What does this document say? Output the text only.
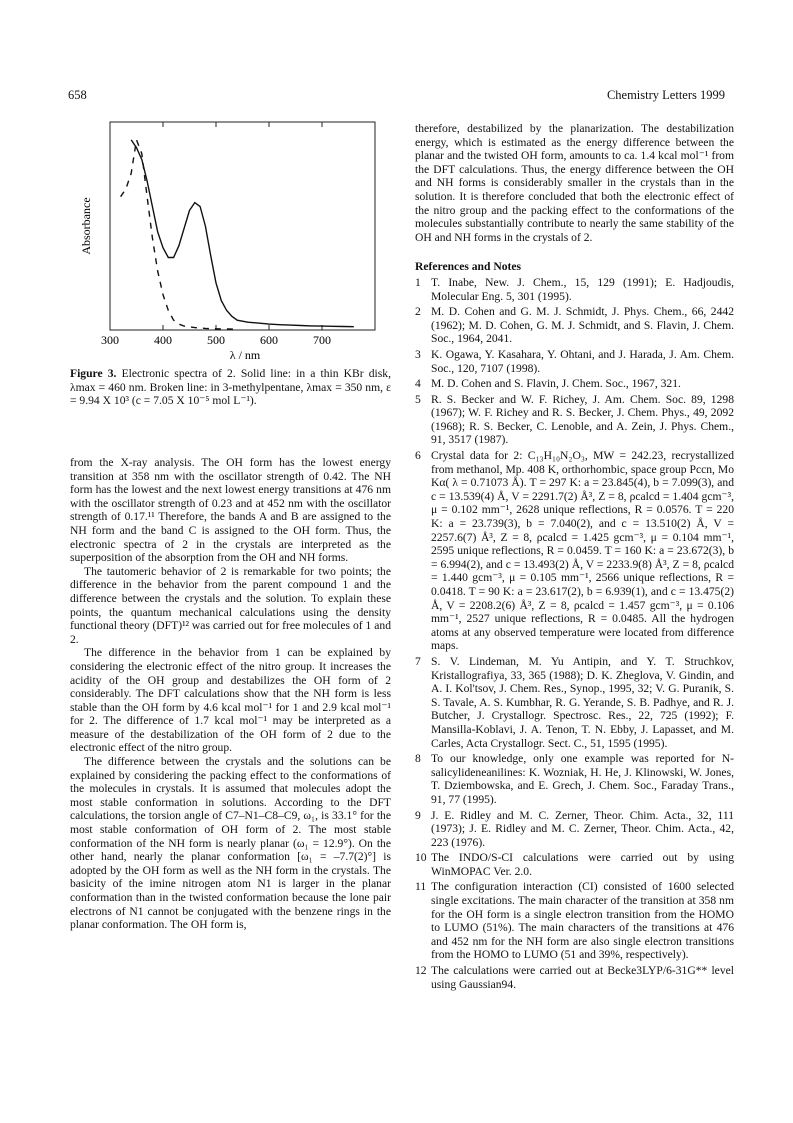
658	Chemistry Letters 1999
300	400	500	600	700
Absorbance
λ / nm
Figure 3. Electronic spectra of 2. Solid line: in a thin KBr disk, λmax = 460 nm. Broken line: in 3-methylpentane, λmax = 350 nm, ε = 9.94 X 10³ (c = 7.05 X 10⁻⁵ mol L⁻¹).

from the X-ray analysis. The OH form has the lowest energy transition at 358 nm with the oscillator strength of 0.42. The NH form has the lowest and the next lowest energy transitions at 476 nm with the oscillator strength of 0.23 and at 452 nm with the oscillator strength of 0.17.¹¹ Therefore, the bands A and B are assigned to the NH form and the band C is assigned to the OH form. Thus, the electronic spectra of 2 in the crystals are interpreted as the superposition of the absorption from the OH and NH forms.

The tautomeric behavior of 2 is remarkable for two points; the difference in the behavior from the parent compound 1 and the difference between the crystals and the solution. To explain these points, the quantum mechanical calculations using the density functional theory (DFT)¹² was carried out for free molecules of 1 and 2.

The difference in the behavior from 1 can be explained by considering the electronic effect of the nitro group. It increases the acidity of the OH group and destabilizes the OH form of 2 considerably. The DFT calculations show that the NH form is less stable than the OH form by 4.6 kcal mol⁻¹ for 1 and 2.9 kcal mol⁻¹ for 2. The difference of 1.7 kcal mol⁻¹ may be interpreted as a measure of the destabilization of the OH form of 2 due to the electronic effect of the nitro group.

The difference between the crystals and the solutions can be explained by considering the packing effect to the conformations of the molecules in crystals. It is assumed that molecules adopt the most stable conformation in solutions. According to the DFT calculations, the torsion angle of C7–N1–C8–C9, ω₁, is 33.1° for the most stable conformation of OH form of 2. The most stable conformation of the NH form is nearly planar (ω₁ = 12.9°). On the other hand, nearly the planar conformation [ω₁ = –7.7(2)°] is adopted by the OH form as well as the NH form in the crystals. The basicity of the imine nitrogen atom N1 is larger in the planar conformation than in the twisted conformation because the lone pair electrons of N1 cannot be conjugated with the benzene rings in the planar conformation. The OH form is,

therefore, destabilized by the planarization. The destabilization energy, which is estimated as the energy difference between the planar and the twisted OH form, amounts to ca. 1.4 kcal mol⁻¹ from the DFT calculations. Thus, the energy difference between the OH and NH forms is considerably smaller in the crystals than in the solution. It is therefore concluded that both the electronic effect of the nitro group and the packing effect to the conformations of the molecules substantially contribute to nearly the same stability of the OH and NH forms in the crystals of 2.

References and Notes
1 T. Inabe, New. J. Chem., 15, 129 (1991); E. Hadjoudis, Molecular Eng. 5, 301 (1995).
2 M. D. Cohen and G. M. J. Schmidt, J. Phys. Chem., 66, 2442 (1962); M. D. Cohen, G. M. J. Schmidt, and S. Flavin, J. Chem. Soc., 1964, 2041.
3 K. Ogawa, Y. Kasahara, Y. Ohtani, and J. Harada, J. Am. Chem. Soc., 120, 7107 (1998).
4 M. D. Cohen and S. Flavin, J. Chem. Soc., 1967, 321.
5 R. S. Becker and W. F. Richey, J. Am. Chem. Soc. 89, 1298 (1967); W. F. Richey and R. S. Becker, J. Chem. Phys., 49, 2092 (1968); R. S. Becker, C. Lenoble, and A. Zein, J. Phys. Chem., 91, 3517 (1987).
6 Crystal data for 2: C₁₃H₁₀N₂O₃, MW = 242.23, recrystallized from methanol, Mp. 408 K, orthorhombic, space group Pccn, Mo Kα( λ = 0.71073 Å). T = 297 K: a = 23.845(4), b = 7.099(3), and c = 13.539(4) Å, V = 2291.7(2) Å³, Z = 8, ρcalcd = 1.404 gcm⁻³, μ = 0.102 mm⁻¹, 2628 unique reflections, R = 0.0576. T = 220 K: a = 23.739(3), b = 7.040(2), and c = 13.510(2) Å, V = 2257.6(7) Å³, Z = 8, ρcalcd = 1.425 gcm⁻³, μ = 0.104 mm⁻¹, 2595 unique reflections, R = 0.0459. T = 160 K: a = 23.672(3), b = 6.994(2), and c = 13.493(2) Å, V = 2233.9(8) Å³, Z = 8, ρcalcd = 1.440 gcm⁻³, μ = 0.105 mm⁻¹, 2566 unique reflections, R = 0.0418. T = 90 K: a = 23.617(2), b = 6.939(1), and c = 13.475(2) Å, V = 2208.2(6) Å³, Z = 8, ρcalcd = 1.457 gcm⁻³, μ = 0.106 mm⁻¹, 2527 unique reflections, R = 0.0485. All the hydrogen atoms at any observed temperature were located from difference maps.
7 S. V. Lindeman, M. Yu Antipin, and Y. T. Struchkov, Kristallografiya, 33, 365 (1988); D. K. Zheglova, V. Gindin, and A. I. Kol'tsov, J. Chem. Res., Synop., 1995, 32; V. G. Puranik, S. S. Tavale, A. S. Kumbhar, R. G. Yerande, S. B. Padhye, and R. J. Butcher, J. Crystallogr. Spectrosc. Res., 22, 725 (1992); F. Mansilla-Koblavi, J. A. Tenon, T. N. Ebby, J. Lapasset, and M. Carles, Acta Crystallogr. Sect. C., 51, 1595 (1995).
8 To our knowledge, only one example was reported for N-salicylideneanilines: K. Wozniak, H. He, J. Klinowski, W. Jones, T. Dziembowska, and E. Grech, J. Chem. Soc., Faraday Trans., 91, 77 (1995).
9 J. E. Ridley and M. C. Zerner, Theor. Chim. Acta., 32, 111 (1973); J. E. Ridley and M. C. Zerner, Theor. Chim. Acta., 42, 223 (1976).
10 The INDO/S-CI calculations were carried out by using WinMOPAC Ver. 2.0.
11 The configuration interaction (CI) consisted of 1600 selected single excitations. The main character of the transition at 358 nm for the OH form is a single electron transition from the HOMO to LUMO (51%). The main characters of the transitions at 476 and 452 nm for the NH form are also single electron transitions from the HOMO to LUMO (51 and 39%, respectively).
12 The calculations were carried out at Becke3LYP/6-31G** level using Gaussian94.
